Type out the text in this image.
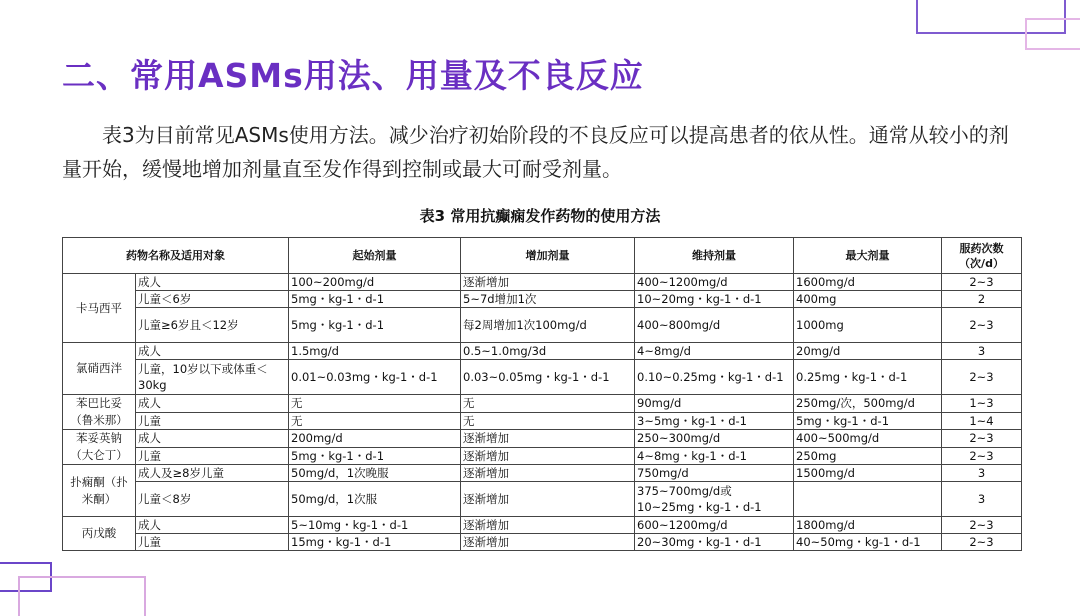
二、常用ASMs用法、用量及不良反应

表3为目前常见ASMs使用方法。减少治疗初始阶段的不良反应可以提高患者的依从性。通常从较小的剂量开始，缓慢地增加剂量直至发作得到控制或最大可耐受剂量。

表3 常用抗癫痫发作药物的使用方法
药物名称及适用对象		起始剂量	增加剂量	维持剂量	最大剂量	服药次数（次/d）
卡马西平	成人	100~200mg/d	逐渐增加	400~1200mg/d	1600mg/d	2~3
	儿童＜6岁	5mg・kg-1・d-1	5~7d增加1次	10~20mg・kg-1・d-1	400mg	2
	儿童≥6岁且＜12岁	5mg・kg-1・d-1	每2周增加1次100mg/d	400~800mg/d	1000mg	2~3
氯硝西泮	成人	1.5mg/d	0.5~1.0mg/3d	4~8mg/d	20mg/d	3
	儿童，10岁以下或体重＜30kg	0.01~0.03mg・kg-1・d-1	0.03~0.05mg・kg-1・d-1	0.10~0.25mg・kg-1・d-1	0.25mg・kg-1・d-1	2~3
苯巴比妥（鲁米那）	成人	无	无	90mg/d	250mg/次，500mg/d	1~3
	儿童	无	无	3~5mg・kg-1・d-1	5mg・kg-1・d-1	1~4
苯妥英钠（大仑丁）	成人	200mg/d	逐渐增加	250~300mg/d	400~500mg/d	2~3
	儿童	5mg・kg-1・d-1	逐渐增加	4~8mg・kg-1・d-1	250mg	2~3
扑痫酮（扑米酮）	成人及≥8岁儿童	50mg/d，1次晚服	逐渐增加	750mg/d	1500mg/d	3
	儿童＜8岁	50mg/d，1次服	逐渐增加	375~700mg/d或10~25mg・kg-1・d-1		3
丙戊酸	成人	5~10mg・kg-1・d-1	逐渐增加	600~1200mg/d	1800mg/d	2~3
	儿童	15mg・kg-1・d-1	逐渐增加	20~30mg・kg-1・d-1	40~50mg・kg-1・d-1	2~3
